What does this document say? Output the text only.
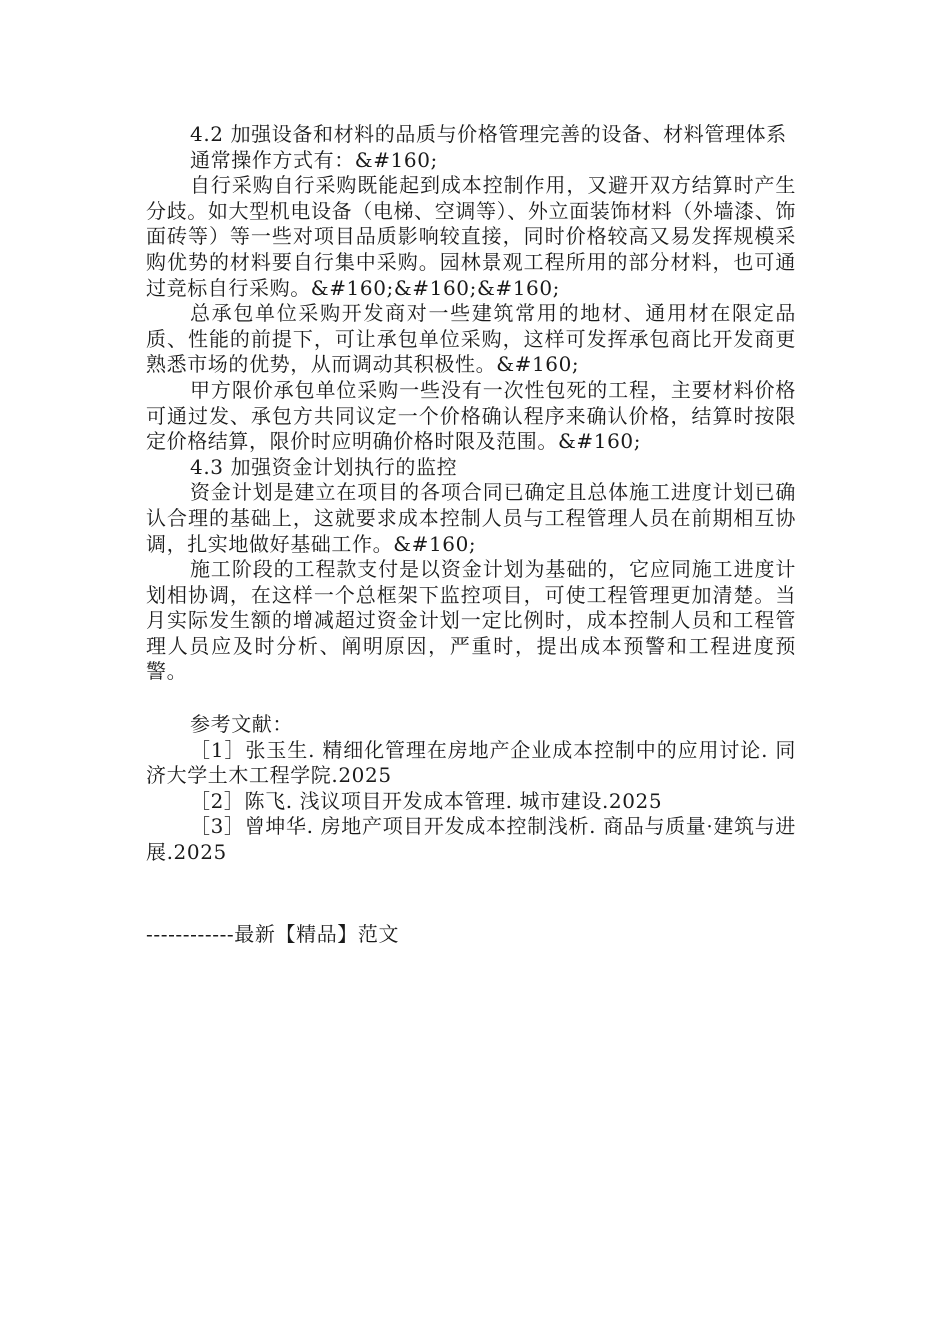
4.2 加强设备和材料的品质与价格管理完善的设备、材料管理体系

通常操作方式有：&#160;

自行采购自行采购既能起到成本控制作用，又避开双方结算时产生分歧。如大型机电设备（电梯、空调等）、外立面装饰材料（外墙漆、饰面砖等）等一些对项目品质影响较直接，同时价格较高又易发挥规模采购优势的材料要自行集中采购。园林景观工程所用的部分材料，也可通过竞标自行采购。&#160;&#160;&#160;

总承包单位采购开发商对一些建筑常用的地材、通用材在限定品质、性能的前提下，可让承包单位采购，这样可发挥承包商比开发商更熟悉市场的优势，从而调动其积极性。&#160;

甲方限价承包单位采购一些没有一次性包死的工程，主要材料价格可通过发、承包方共同议定一个价格确认程序来确认价格，结算时按限定价格结算，限价时应明确价格时限及范围。&#160;

4.3 加强资金计划执行的监控

资金计划是建立在项目的各项合同已确定且总体施工进度计划已确认合理的基础上，这就要求成本控制人员与工程管理人员在前期相互协调，扎实地做好基础工作。&#160;

施工阶段的工程款支付是以资金计划为基础的，它应同施工进度计划相协调，在这样一个总框架下监控项目，可使工程管理更加清楚。当月实际发生额的增减超过资金计划一定比例时，成本控制人员和工程管理人员应及时分析、阐明原因，严重时，提出成本预警和工程进度预警。

参考文献：

［1］张玉生. 精细化管理在房地产企业成本控制中的应用讨论. 同济大学土木工程学院.2025

［2］陈飞. 浅议项目开发成本管理. 城市建设.2025

［3］曾坤华. 房地产项目开发成本控制浅析. 商品与质量·建筑与进展.2025

------------最新【精品】范文
